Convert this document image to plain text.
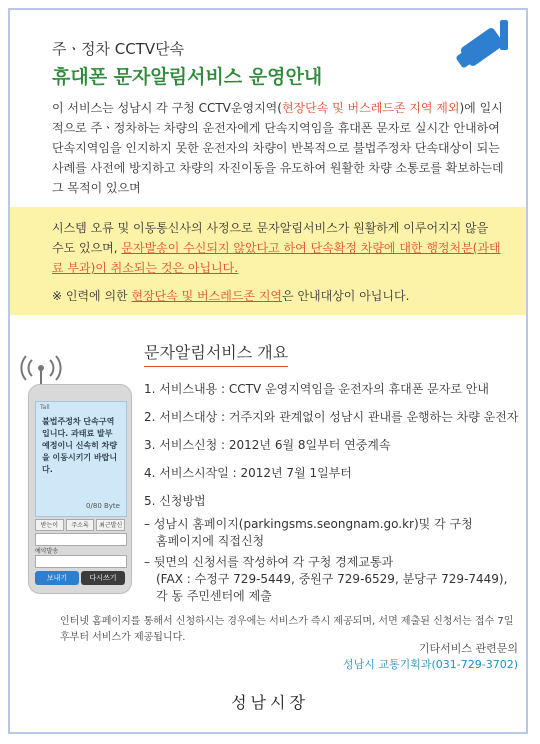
주ㆍ정차 CCTV단속
휴대폰 문자알림서비스 운영안내
이 서비스는 성남시 각 구청 CCTV운영지역(현장단속 및 버스레드존 지역 제외)에 일시적으로 주ㆍ정차하는 차량의 운전자에게 단속지역임을 휴대폰 문자로 실시간 안내하여 단속지역임을 인지하지 못한 운전자의 차량이 반복적으로 불법주정차 단속대상이 되는 사례를 사전에 방지하고 차량의 자진이동을 유도하여 원활한 차량 소통로를 확보하는데 그 목적이 있으며
시스템 오류 및 이동통신사의 사정으로 문자알림서비스가 원활하게 이루어지지 않을 수도 있으며, 문자발송이 수신되지 않았다고 하여 단속확정 차량에 대한 행정처분(과태료 부과)이 취소되는 것은 아닙니다.
※ 인력에 의한 현장단속 및 버스레드존 지역은 안내대상이 아닙니다.
Tall
불법주정차 단속구역입니다. 과태료 발부 예정이니 신속히 차량을 이동시키기 바랍니다.
0/80 Byte
받는이	주소록	최근발신
예약발송
보내기	다시쓰기
문자알림서비스 개요
1. 서비스내용 : CCTV 운영지역임을 운전자의 휴대폰 문자로 안내
2. 서비스대상 : 거주지와 관계없이 성남시 관내를 운행하는 차량 운전자
3. 서비스신청 : 2012년 6월 8일부터 연중계속
4. 서비스시작일 : 2012년 7월 1일부터
5. 신청방법
– 성남시 홈페이지(parkingsms.seongnam.go.kr)및 각 구청
홈페이지에 직접신청
– 뒷면의 신청서를 작성하여 각 구청 경제교통과
(FAX : 수정구 729-5449, 중원구 729-6529, 분당구 729-7449),
각 동 주민센터에 제출
인터넷 홈페이지를 통해서 신청하시는 경우에는 서비스가 즉시 제공되며, 서면 제출된 신청서는 접수 7일후부터 서비스가 제공됩니다.
기타서비스 관련문의
성남시 교통기획과(031-729-3702)
성남시장
